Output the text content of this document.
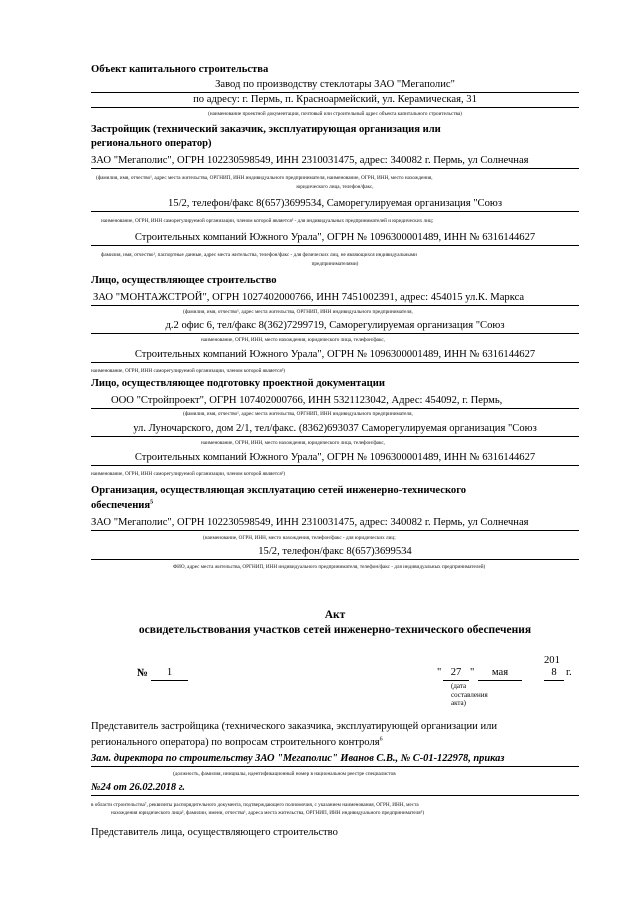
Объект капитального строительства
Завод по производству стеклотары ЗАО "Мегаполис"
по адресу: г. Пермь, п. Красноармейский, ул. Керамическая, 31
(наименование проектной документации, почтовый или строительный адрес объекта капитального строительства)
Застройщик (технический заказчик, эксплуатирующая организация или
регионального оператор)
ЗАО "Мегаполис", ОГРН 102230598549, ИНН 2310031475, адрес: 340082 г. Пермь, ул Солнечная
(фамилия, имя, отчество¹, адрес места жительства, ОРГНИП, ИНН индивидуального предпринимателя, наименование, ОГРН, ИНН, место нахождения,
юридического лица, телефон/факс,
15/2, телефон/факс 8(657)3699534, Саморегулируемая организация "Союз
наименование, ОГРН, ИНН саморегулируемой организации, членом которой является² - для индивидуальных предпринимателей и юридических лиц;
Строительных компаний Южного Урала", ОГРН № 1096300001489, ИНН № 6316144627
фамилия, имя, отчество¹, паспортные данные, адрес места жительства, телефон/факс - для физических лиц, не являющихся индивидуальными
предпринимателями)
Лицо, осуществляющее строительство
ЗАО "МОНТАЖСТРОЙ", ОГРН 1027402000766, ИНН 7451002391, адрес: 454015 ул.К. Маркса
(фамилия, имя, отчество¹, адрес места жительства, ОРГНИП, ИНН индивидуального предпринимателя,
д.2 офис 6, тел/факс 8(362)7299719, Саморегулируемая организация "Союз
наименование, ОГРН, ИНН, место нахождения, юридического лица, телефон/факс,
Строительных компаний Южного Урала", ОГРН № 1096300001489, ИНН № 6316144627
наименование, ОГРН, ИНН саморегулируемой организации, членом которой является²)
Лицо, осуществляющее подготовку проектной документации
ООО "Стройпроект", ОГРН 107402000766, ИНН 5321123042, Адрес: 454092, г. Пермь,
(фамилия, имя, отчество¹, адрес места жительства, ОРГНИП, ИНН индивидуального предпринимателя,
ул. Луночарского, дом 2/1, тел/факс. (8362)693037 Саморегулируемая организация "Союз
наименование, ОГРН, ИНН, место нахождения, юридического лица, телефон/факс,
Строительных компаний Южного Урала", ОГРН № 1096300001489, ИНН № 6316144627
наименование, ОГРН, ИНН саморегулируемой организации, членом которой является²)
Организация, осуществляющая эксплуатацию сетей инженерно-технического
обеспечения$^5$
ЗАО "Мегаполис", ОГРН 102230598549, ИНН 2310031475, адрес: 340082 г. Пермь, ул Солнечная
(наименование, ОГРН, ИНН, место нахождения, телефон/факс - для юридических лиц;
15/2, телефон/факс 8(657)3699534
ФИО, адрес места жительства, ОРГНИП, ИНН индивидуального предпринимателя, телефон/факс - для индивидуальных предпринимателей)
Акт
освидетельствования участков сетей инженерно-технического обеспечения
№	1	" 27 "	мая
201
8 г.
(дата составления акта)
Представитель застройщика (технического заказчика, эксплуатирующей организации или
регионального оператора) по вопросам строительного контроля$^6$
Зам. директора по строительству ЗАО "Мегаполис" Иванов С.В., № С-01-122978, приказ
(должность, фамилия, инициалы, идентификационный номер в национальном реестре специалистов
№24 от 26.02.2018 г.
в области строительства⁷, реквизиты распорядительного документа, подтверждающего полномочия, с указанием наименования, ОГРН, ИНН, места
нахождения юридического лица², фамилии, имени, отчества¹, адреса места жительства, ОРГНИП, ИНН индивидуального предпринимателя⁵)
Представитель лица, осуществляющего строительство
